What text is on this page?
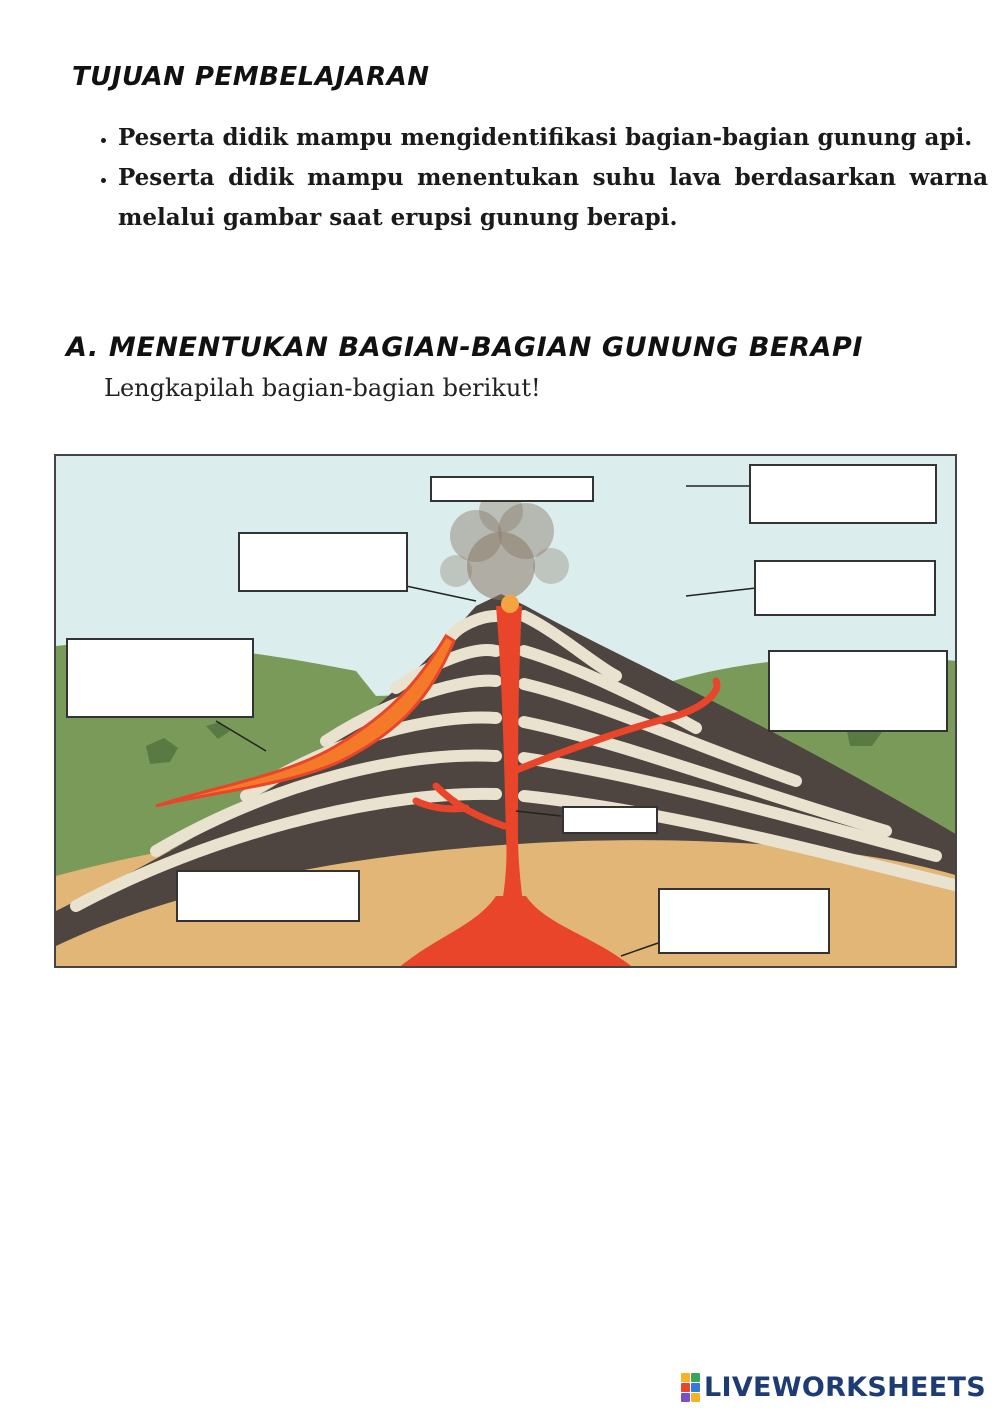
TUJUAN PEMBELAJARAN
• Peserta didik mampu mengidentifikasi bagian-bagian gunung api.
• Peserta didik mampu menentukan suhu lava berdasarkan warna melalui gambar saat erupsi gunung berapi.
A. MENENTUKAN BAGIAN-BAGIAN GUNUNG BERAPI
Lengkapilah bagian-bagian berikut!
LIVEWORKSHEETS
